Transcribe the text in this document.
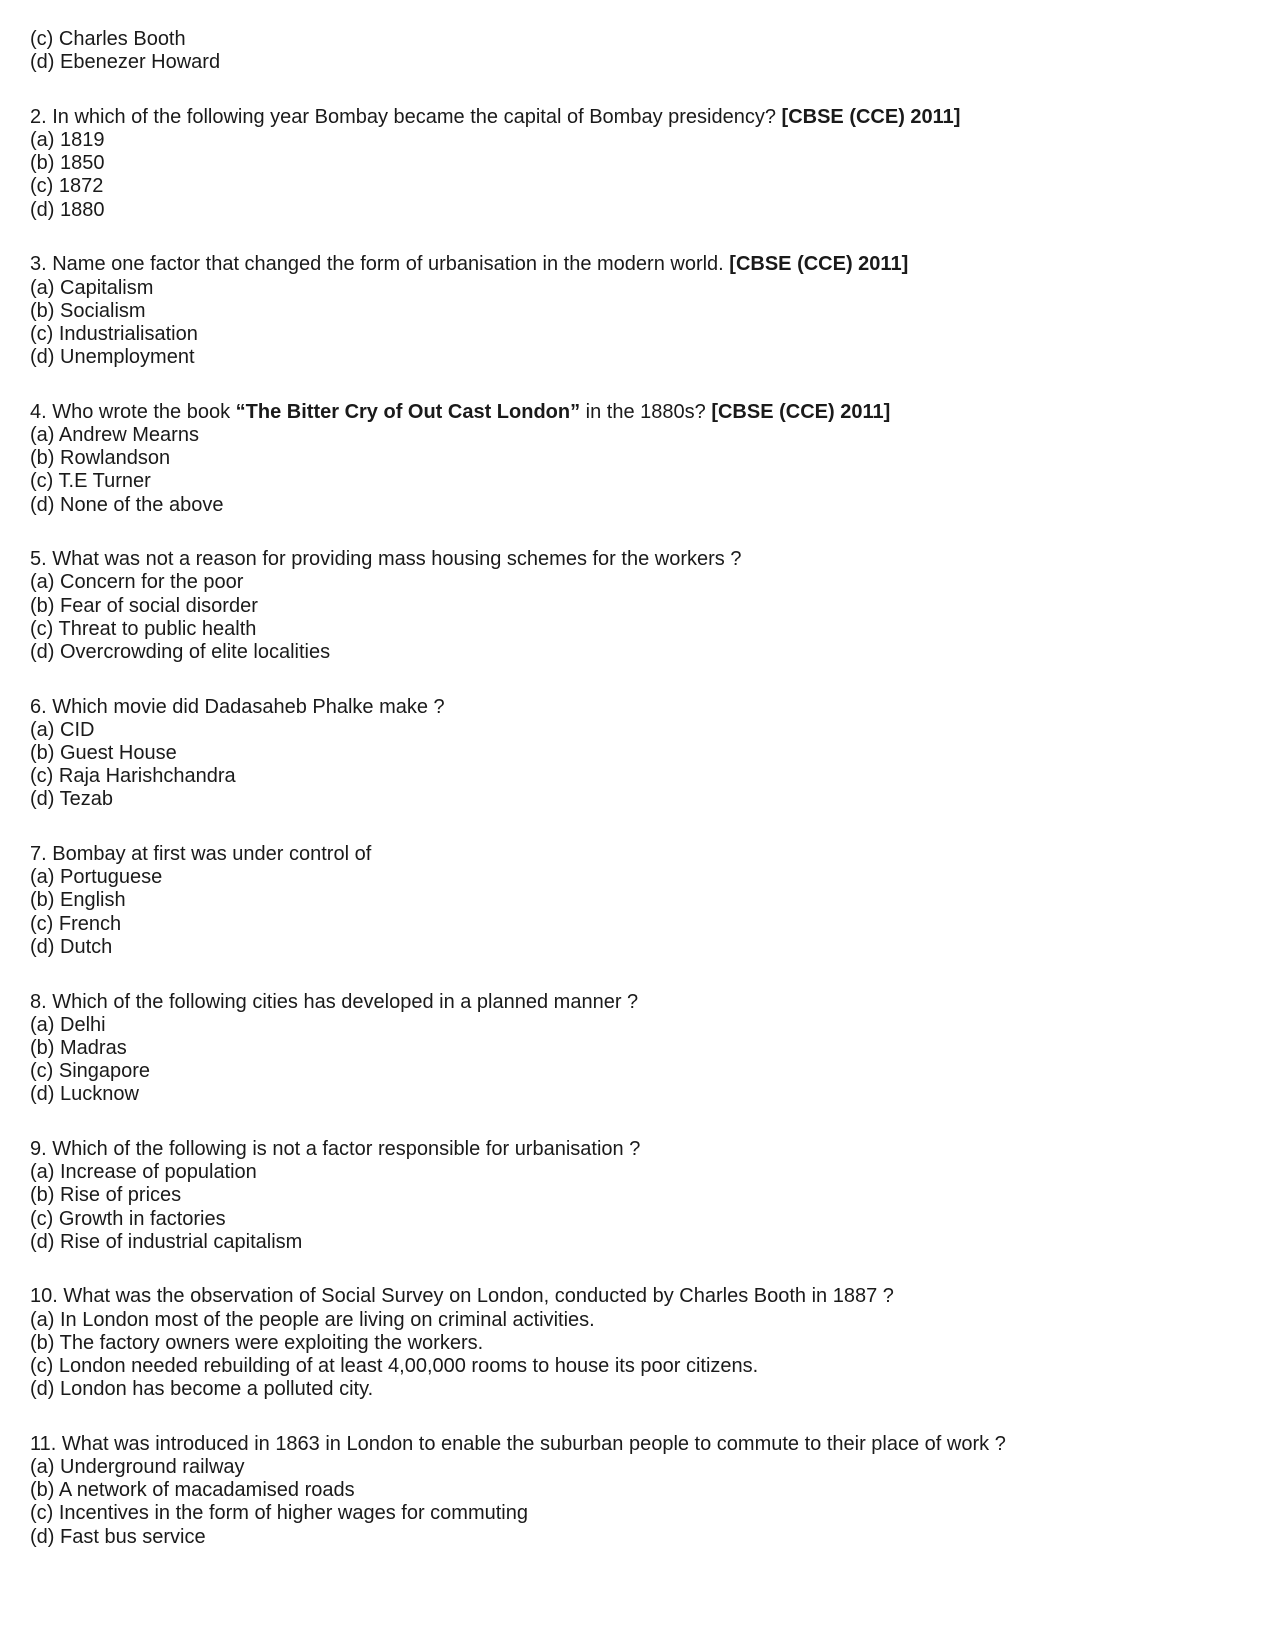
(c) Charles Booth
(d) Ebenezer Howard
2. In which of the following year Bombay became the capital of Bombay presidency? [CBSE (CCE) 2011]
(a) 1819
(b) 1850
(c) 1872
(d) 1880
3. Name one factor that changed the form of urbanisation in the modern world. [CBSE (CCE) 2011]
(a) Capitalism
(b) Socialism
(c) Industrialisation
(d) Unemployment
4. Who wrote the book “The Bitter Cry of Out Cast London” in the 1880s? [CBSE (CCE) 2011]
(a) Andrew Mearns
(b) Rowlandson
(c) T.E Turner
(d) None of the above
5. What was not a reason for providing mass housing schemes for the workers ?
(a) Concern for the poor
(b) Fear of social disorder
(c) Threat to public health
(d) Overcrowding of elite localities
6. Which movie did Dadasaheb Phalke make ?
(a) CID
(b) Guest House
(c) Raja Harishchandra
(d) Tezab
7. Bombay at first was under control of
(a) Portuguese
(b) English
(c) French
(d) Dutch
8. Which of the following cities has developed in a planned manner ?
(a) Delhi
(b) Madras
(c) Singapore
(d) Lucknow
9. Which of the following is not a factor responsible for urbanisation ?
(a) Increase of population
(b) Rise of prices
(c) Growth in factories
(d) Rise of industrial capitalism
10. What was the observation of Social Survey on London, conducted by Charles Booth in 1887 ?
(a) In London most of the people are living on criminal activities.
(b) The factory owners were exploiting the workers.
(c) London needed rebuilding of at least 4,00,000 rooms to house its poor citizens.
(d) London has become a polluted city.
11. What was introduced in 1863 in London to enable the suburban people to commute to their place of work ?
(a) Underground railway
(b) A network of macadamised roads
(c) Incentives in the form of higher wages for commuting
(d) Fast bus service
